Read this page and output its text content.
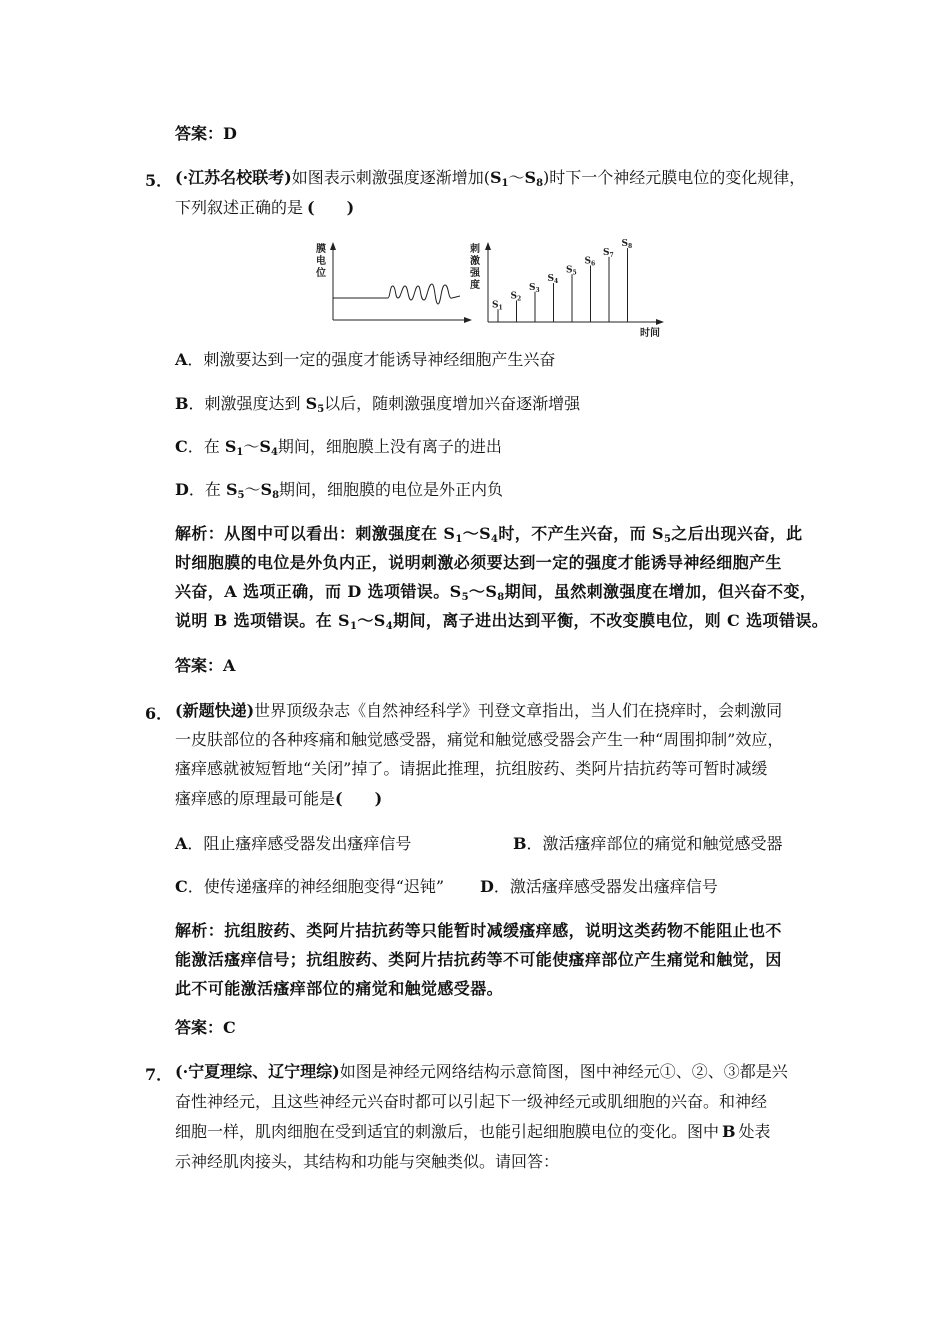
答案：D
5． (·江苏名校联考)如图表示刺激强度逐渐增加$(S_1\sim S_8)$时下一个神经元膜电位的变化规律，
下列叙述正确的是 (　　)
膜
电
位
刺
激
强
度
$S_1$
$S_2$
$S_3$
$S_4$
$S_5$
$S_6$
$S_7$
$S_8$
时间
A．刺激要达到一定的强度才能诱导神经细胞产生兴奋
B．刺激强度达到 $S_5$以后，随刺激强度增加兴奋逐渐增强
C．在 $S_1\sim S_4$期间，细胞膜上没有离子的进出
D．在 $S_5\sim S_8$期间，细胞膜的电位是外正内负
解析：从图中可以看出：刺激强度在 $S_1\sim S_4$时，不产生兴奋，而 $S_5$之后出现兴奋，此
时细胞膜的电位是外负内正，说明刺激必须要达到一定的强度才能诱导神经细胞产生
兴奋，A 选项正确，而 D 选项错误。$S_5\sim S_8$期间，虽然刺激强度在增加，但兴奋不变，
说明 B 选项错误。在 $S_1\sim S_4$期间，离子进出达到平衡，不改变膜电位，则 C 选项错误。
答案：A
6． (新题快递)世界顶级杂志《自然神经科学》刊登文章指出，当人们在挠痒时，会刺激同
一皮肤部位的各种疼痛和触觉感受器，痛觉和触觉感受器会产生一种“周围抑制”效应，
瘙痒感就被短暂地“关闭”掉了。请据此推理，抗组胺药、类阿片拮抗药等可暂时减缓
瘙痒感的原理最可能是(　　)
A．阻止瘙痒感受器发出瘙痒信号	B．激活瘙痒部位的痛觉和触觉感受器
C．使传递瘙痒的神经细胞变得“迟钝” D．激活瘙痒感受器发出瘙痒信号
解析：抗组胺药、类阿片拮抗药等只能暂时减缓瘙痒感，说明这类药物不能阻止也不
能激活瘙痒信号；抗组胺药、类阿片拮抗药等不可能使瘙痒部位产生痛觉和触觉，因
此不可能激活瘙痒部位的痛觉和触觉感受器。
答案：C
7． (·宁夏理综、辽宁理综)如图是神经元网络结构示意简图，图中神经元①、②、③都是兴
奋性神经元，且这些神经元兴奋时都可以引起下一级神经元或肌细胞的兴奋。和神经
细胞一样，肌肉细胞在受到适宜的刺激后，也能引起细胞膜电位的变化。图中 B 处表
示神经肌肉接头，其结构和功能与突触类似。请回答：
